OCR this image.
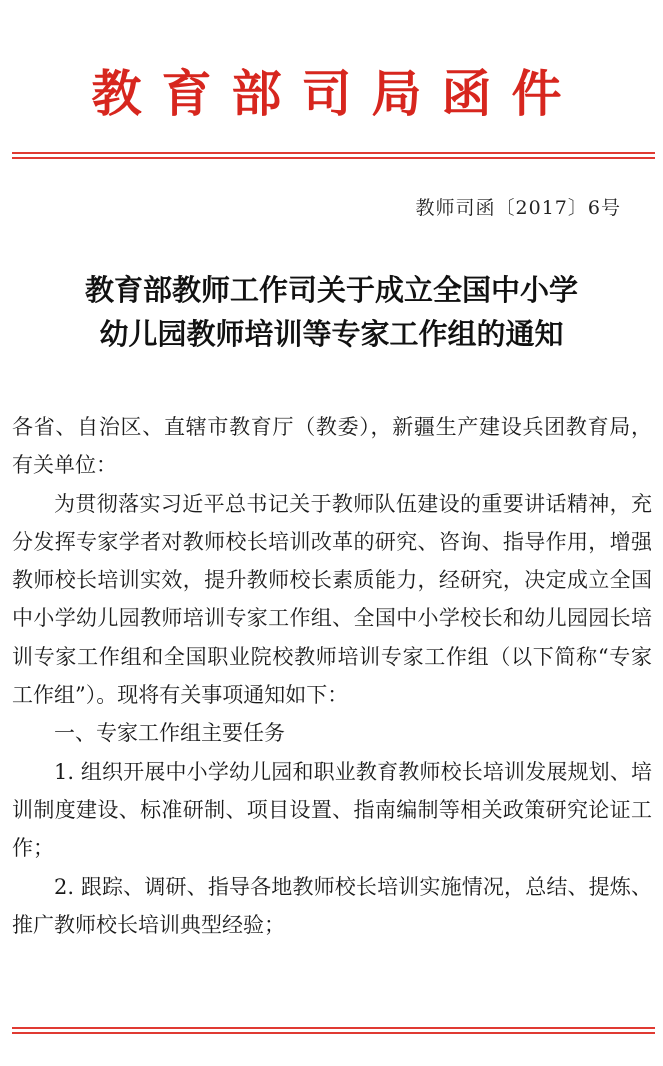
教育部司局函件
教师司函〔2017〕6号
教育部教师工作司关于成立全国中小学
幼儿园教师培训等专家工作组的通知

各省、自治区、直辖市教育厅（教委），新疆生产建设兵团教育局，有关单位：

为贯彻落实习近平总书记关于教师队伍建设的重要讲话精神，充分发挥专家学者对教师校长培训改革的研究、咨询、指导作用，增强教师校长培训实效，提升教师校长素质能力，经研究，决定成立全国中小学幼儿园教师培训专家工作组、全国中小学校长和幼儿园园长培训专家工作组和全国职业院校教师培训专家工作组（以下简称“专家工作组”）。现将有关事项通知如下：

一、专家工作组主要任务

1. 组织开展中小学幼儿园和职业教育教师校长培训发展规划、培训制度建设、标准研制、项目设置、指南编制等相关政策研究论证工作；

2. 跟踪、调研、指导各地教师校长培训实施情况，总结、提炼、推广教师校长培训典型经验；
